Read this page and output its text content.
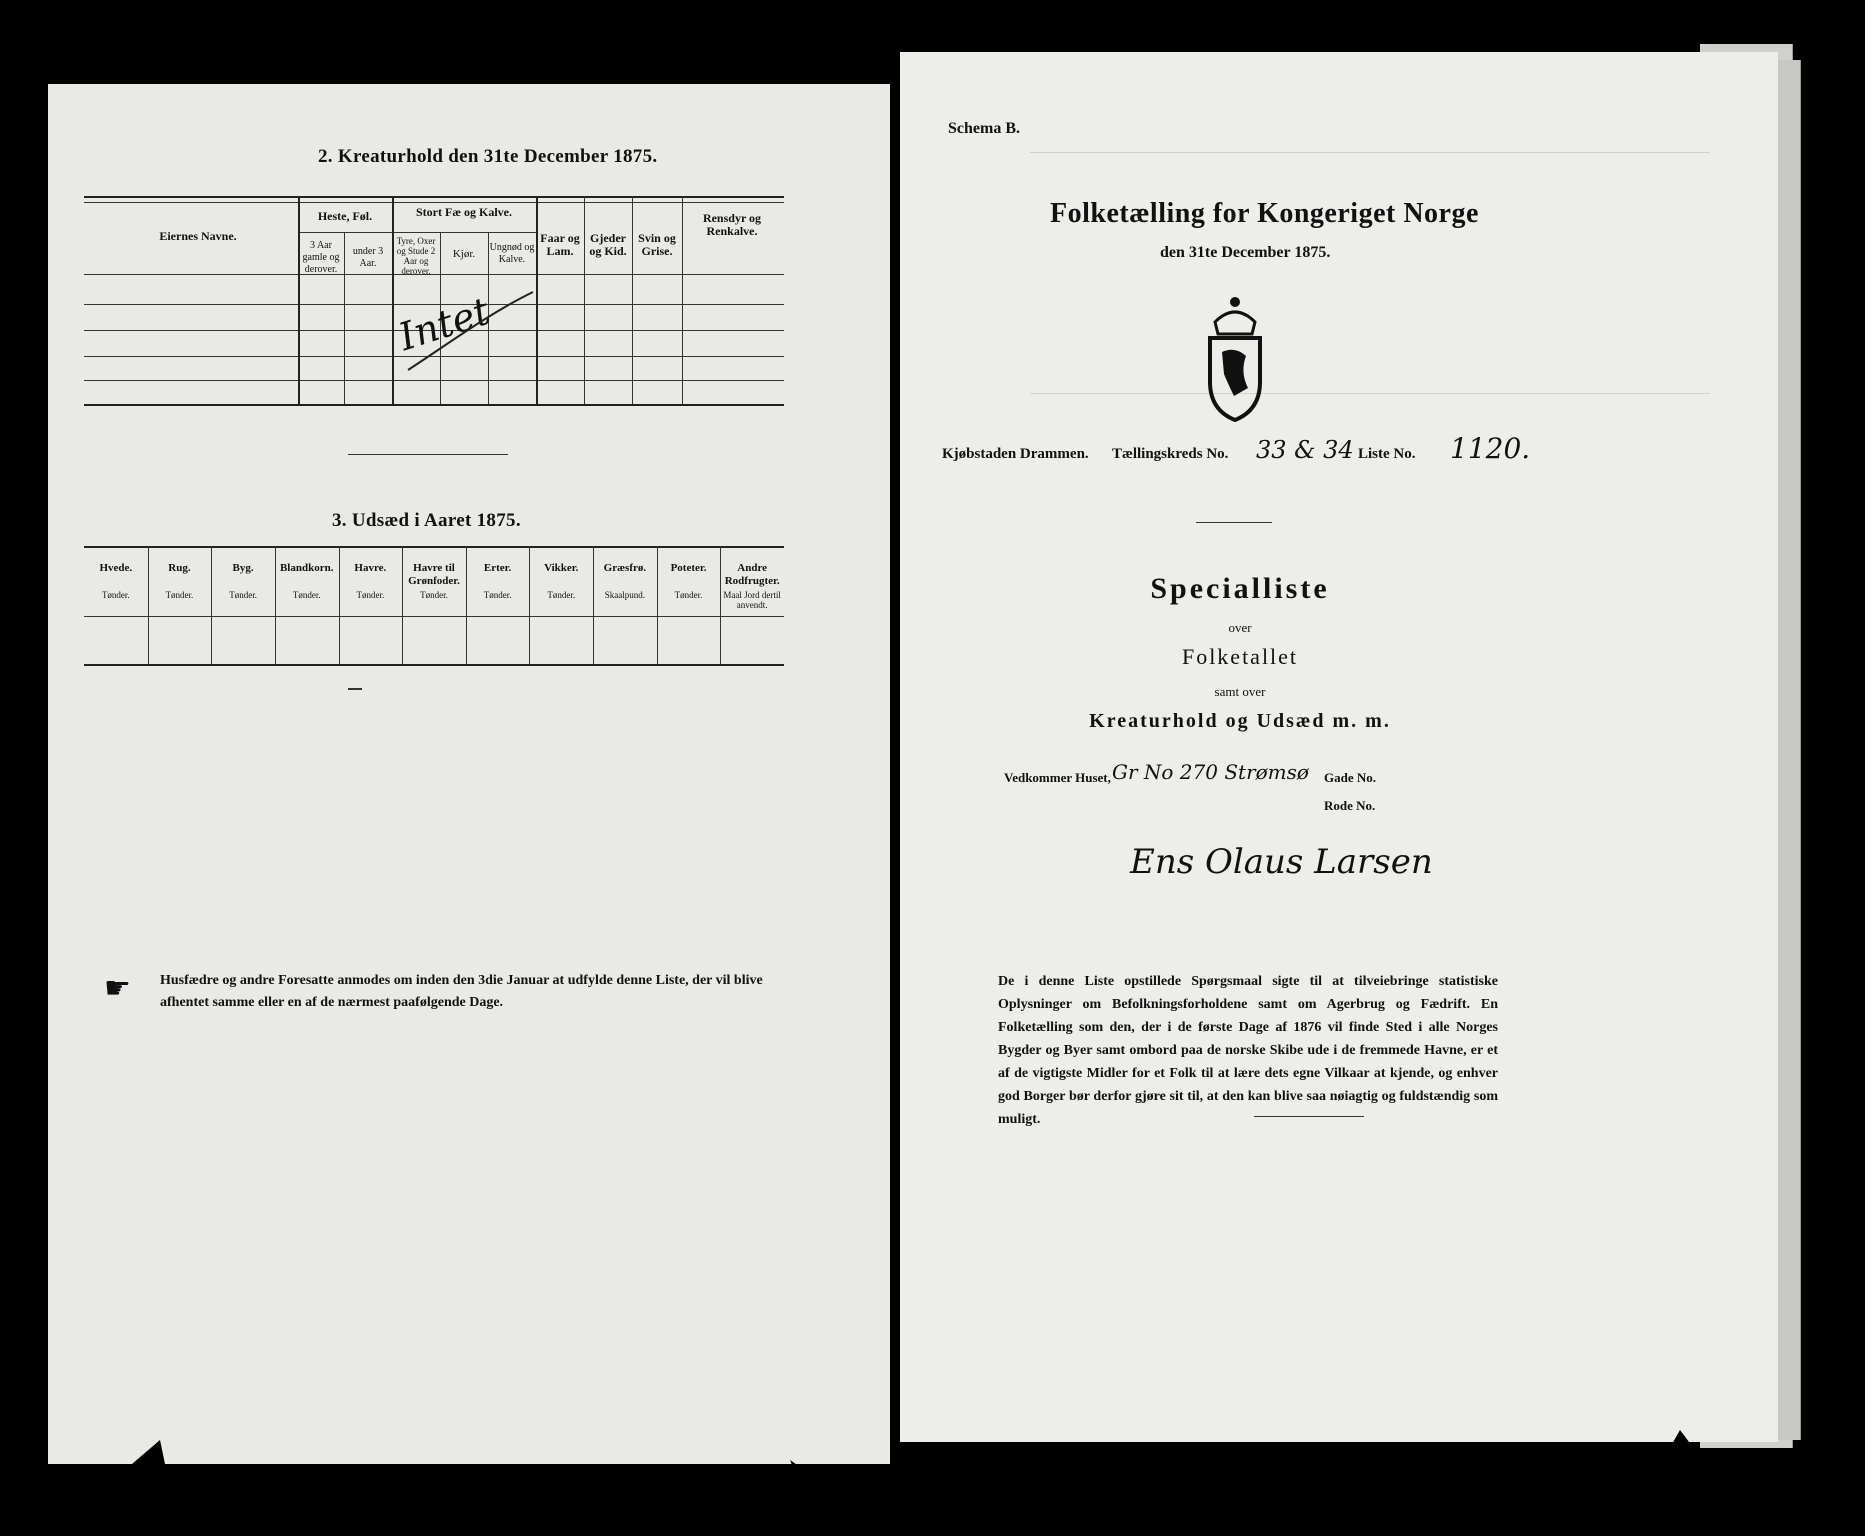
2. Kreaturhold den 31te December 1875.
Eiernes Navne.
Heste, Føl.
3 Aar gamle og derover.
under 3 Aar.
Stort Fæ og Kalve.
Tyre, Oxer og Stude 2 Aar og derover.
Kjør.
Ungnød og Kalve.
Faar og Lam.
Gjeder og Kid.
Svin og Grise.
Rensdyr og Renkalve.
Intet
3. Udsæd i Aaret 1875.
Hvede.
Tønder.
Rug.
Tønder.
Byg.
Tønder.
Blandkorn.
Tønder.
Havre.
Tønder.
Havre til Grønfoder.
Tønder.
Erter.
Tønder.
Vikker.
Tønder.
Græsfrø.
Skaalpund.
Poteter.
Tønder.
Andre Rodfrugter.
Maal Jord dertil anvendt.
☛ Husfædre og andre Foresatte anmodes om inden den 3die Januar at udfylde denne Liste, der vil blive afhentet samme eller en af de nærmest paafølgende Dage.
Schema B.
Folketælling for Kongeriget Norge
den 31te December 1875.
Kjøbstaden Drammen. Tællingskreds No. 33 & 34 Liste No. 1120.
Specialliste
over
Folketallet
samt over
Kreaturhold og Udsæd m. m.
Vedkommer Huset, Gr No 270 Strømsø Gade No.
Rode No.
Ens Olaus Larsen
De i denne Liste opstillede Spørgsmaal sigte til at tilveiebringe statistiske Oplysninger om Befolkningsforholdene samt om Agerbrug og Fædrift. En Folketælling som den, der i de første Dage af 1876 vil finde Sted i alle Norges Bygder og Byer samt ombord paa de norske Skibe ude i de fremmede Havne, er et af de vigtigste Midler for et Folk til at lære dets egne Vilkaar at kjende, og enhver god Borger bør derfor gjøre sit til, at den kan blive saa nøiagtig og fuldstændig som muligt.
